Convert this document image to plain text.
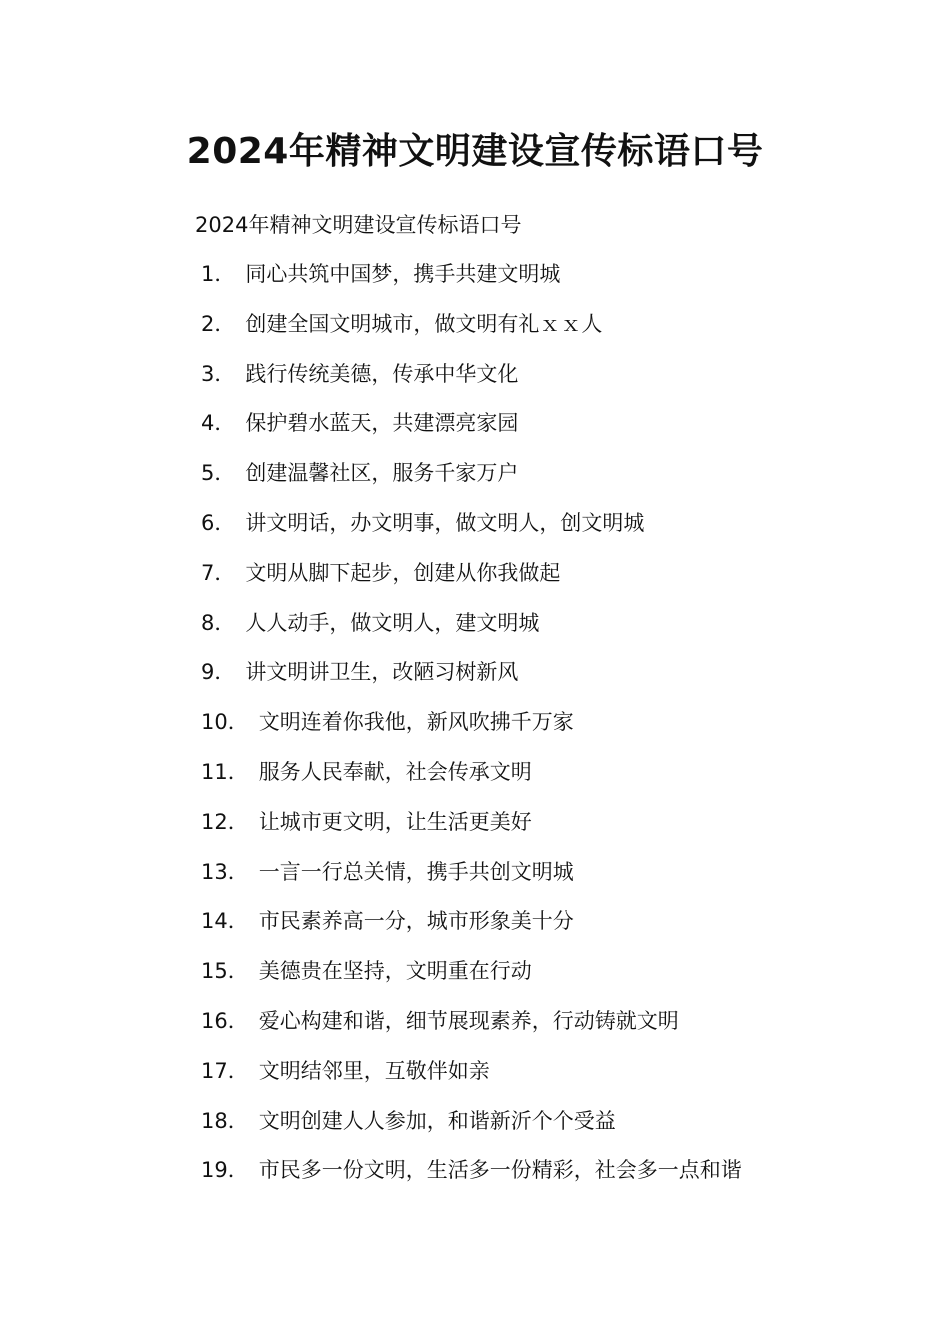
2024年精神文明建设宣传标语口号
2024年精神文明建设宣传标语口号
1． 同心共筑中国梦，携手共建文明城
2． 创建全国文明城市，做文明有礼ｘｘ人
3． 践行传统美德，传承中华文化
4． 保护碧水蓝天，共建漂亮家园
5． 创建温馨社区，服务千家万户
6． 讲文明话，办文明事，做文明人，创文明城
7． 文明从脚下起步，创建从你我做起
8． 人人动手，做文明人，建文明城
9． 讲文明讲卫生，改陋习树新风
10． 文明连着你我他，新风吹拂千万家
11． 服务人民奉献，社会传承文明
12． 让城市更文明，让生活更美好
13． 一言一行总关情，携手共创文明城
14． 市民素养高一分，城市形象美十分
15． 美德贵在坚持，文明重在行动
16． 爱心构建和谐，细节展现素养，行动铸就文明
17． 文明结邻里，互敬伴如亲
18． 文明创建人人参加，和谐新沂个个受益
19． 市民多一份文明，生活多一份精彩，社会多一点和谐
